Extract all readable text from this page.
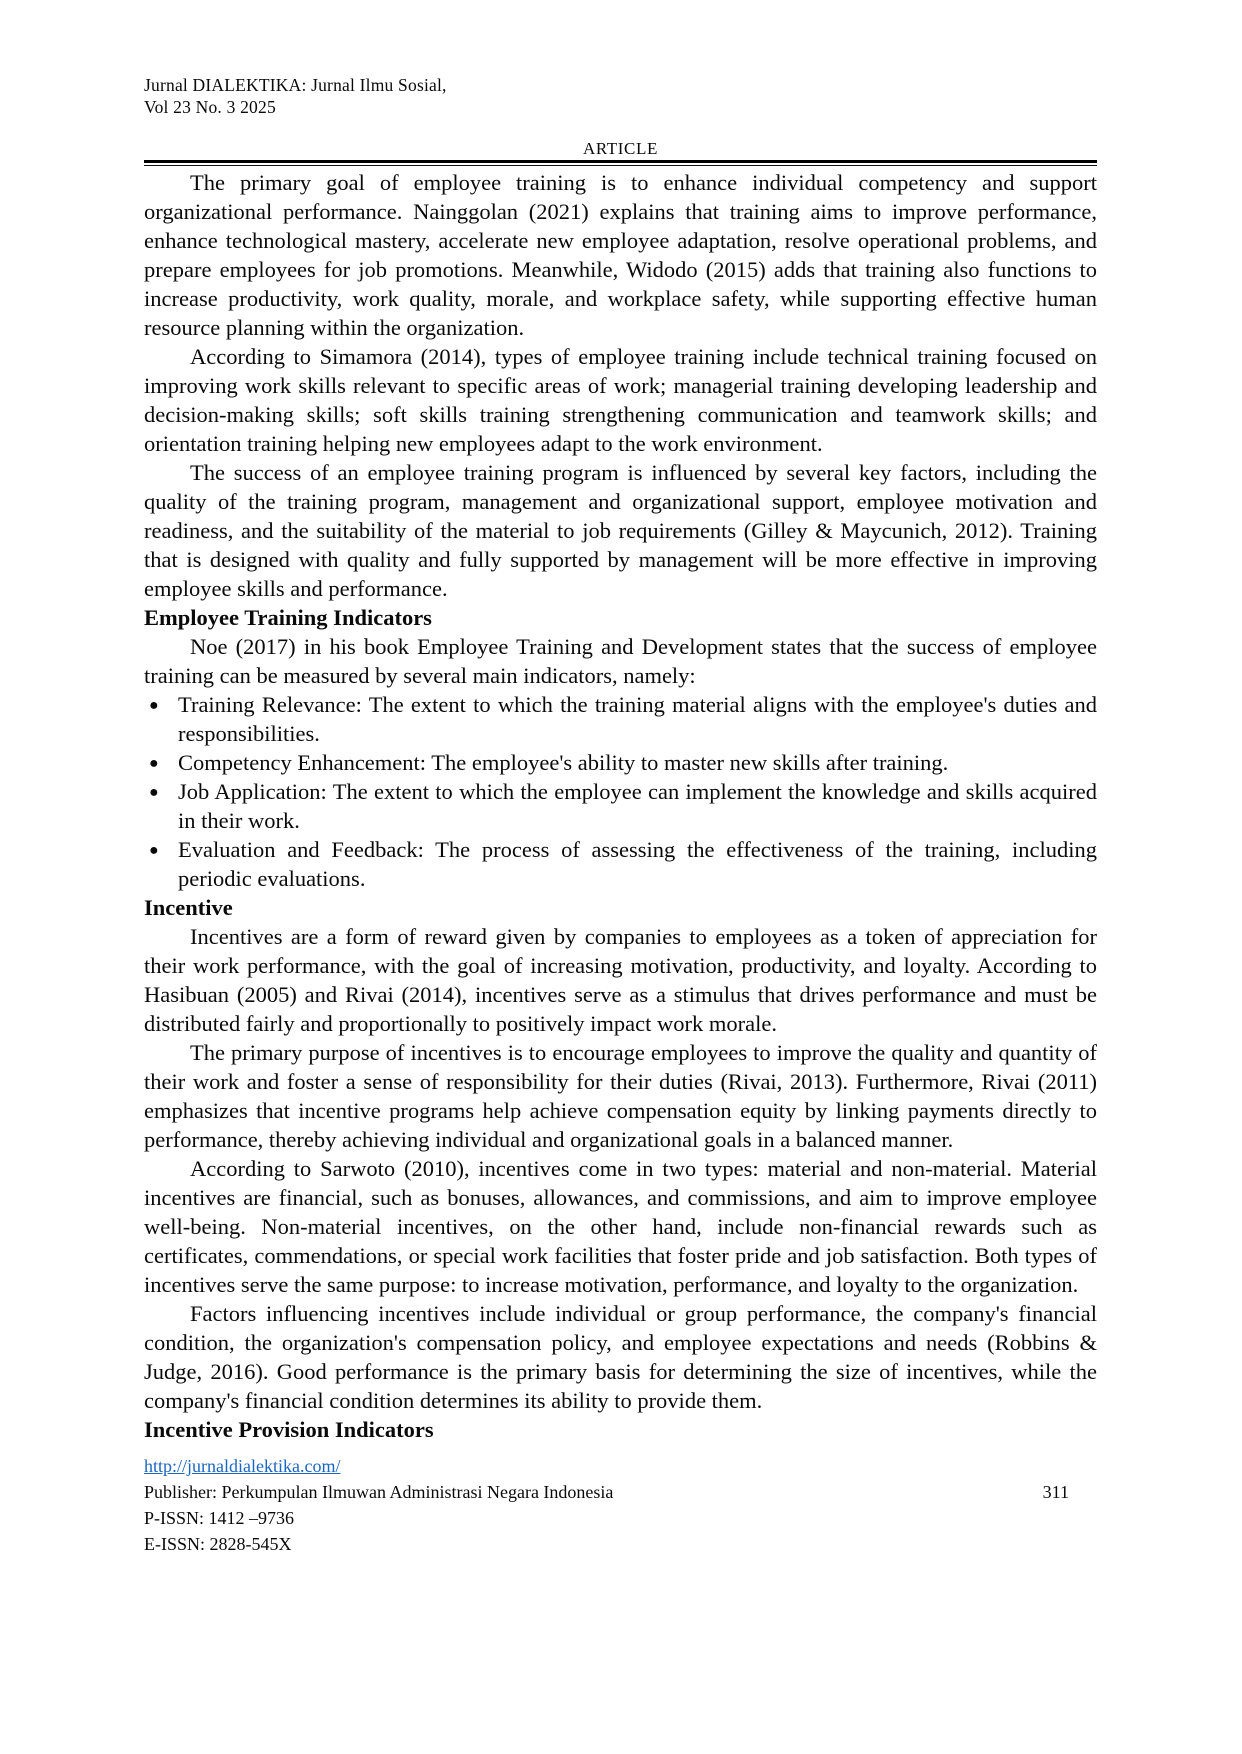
Jurnal DIALEKTIKA: Jurnal Ilmu Sosial,
Vol 23 No. 3 2025
ARTICLE

The primary goal of employee training is to enhance individual competency and support organizational performance. Nainggolan (2021) explains that training aims to improve performance, enhance technological mastery, accelerate new employee adaptation, resolve operational problems, and prepare employees for job promotions. Meanwhile, Widodo (2015) adds that training also functions to increase productivity, work quality, morale, and workplace safety, while supporting effective human resource planning within the organization.

According to Simamora (2014), types of employee training include technical training focused on improving work skills relevant to specific areas of work; managerial training developing leadership and decision-making skills; soft skills training strengthening communication and teamwork skills; and orientation training helping new employees adapt to the work environment.

The success of an employee training program is influenced by several key factors, including the quality of the training program, management and organizational support, employee motivation and readiness, and the suitability of the material to job requirements (Gilley & Maycunich, 2012). Training that is designed with quality and fully supported by management will be more effective in improving employee skills and performance.

Employee Training Indicators

Noe (2017) in his book Employee Training and Development states that the success of employee training can be measured by several main indicators, namely:

● Training Relevance: The extent to which the training material aligns with the employee's duties and responsibilities.
● Competency Enhancement: The employee's ability to master new skills after training.
● Job Application: The extent to which the employee can implement the knowledge and skills acquired in their work.
● Evaluation and Feedback: The process of assessing the effectiveness of the training, including periodic evaluations.
Incentive

Incentives are a form of reward given by companies to employees as a token of appreciation for their work performance, with the goal of increasing motivation, productivity, and loyalty. According to Hasibuan (2005) and Rivai (2014), incentives serve as a stimulus that drives performance and must be distributed fairly and proportionally to positively impact work morale.

The primary purpose of incentives is to encourage employees to improve the quality and quantity of their work and foster a sense of responsibility for their duties (Rivai, 2013). Furthermore, Rivai (2011) emphasizes that incentive programs help achieve compensation equity by linking payments directly to performance, thereby achieving individual and organizational goals in a balanced manner.

According to Sarwoto (2010), incentives come in two types: material and non-material. Material incentives are financial, such as bonuses, allowances, and commissions, and aim to improve employee well-being. Non-material incentives, on the other hand, include non-financial rewards such as certificates, commendations, or special work facilities that foster pride and job satisfaction. Both types of incentives serve the same purpose: to increase motivation, performance, and loyalty to the organization.

Factors influencing incentives include individual or group performance, the company's financial condition, the organization's compensation policy, and employee expectations and needs (Robbins & Judge, 2016). Good performance is the primary basis for determining the size of incentives, while the company's financial condition determines its ability to provide them.

Incentive Provision Indicators
http://jurnaldialektika.com/
Publisher: Perkumpulan Ilmuwan Administrasi Negara Indonesia	311
P-ISSN: 1412 –9736
E-ISSN: 2828-545X
